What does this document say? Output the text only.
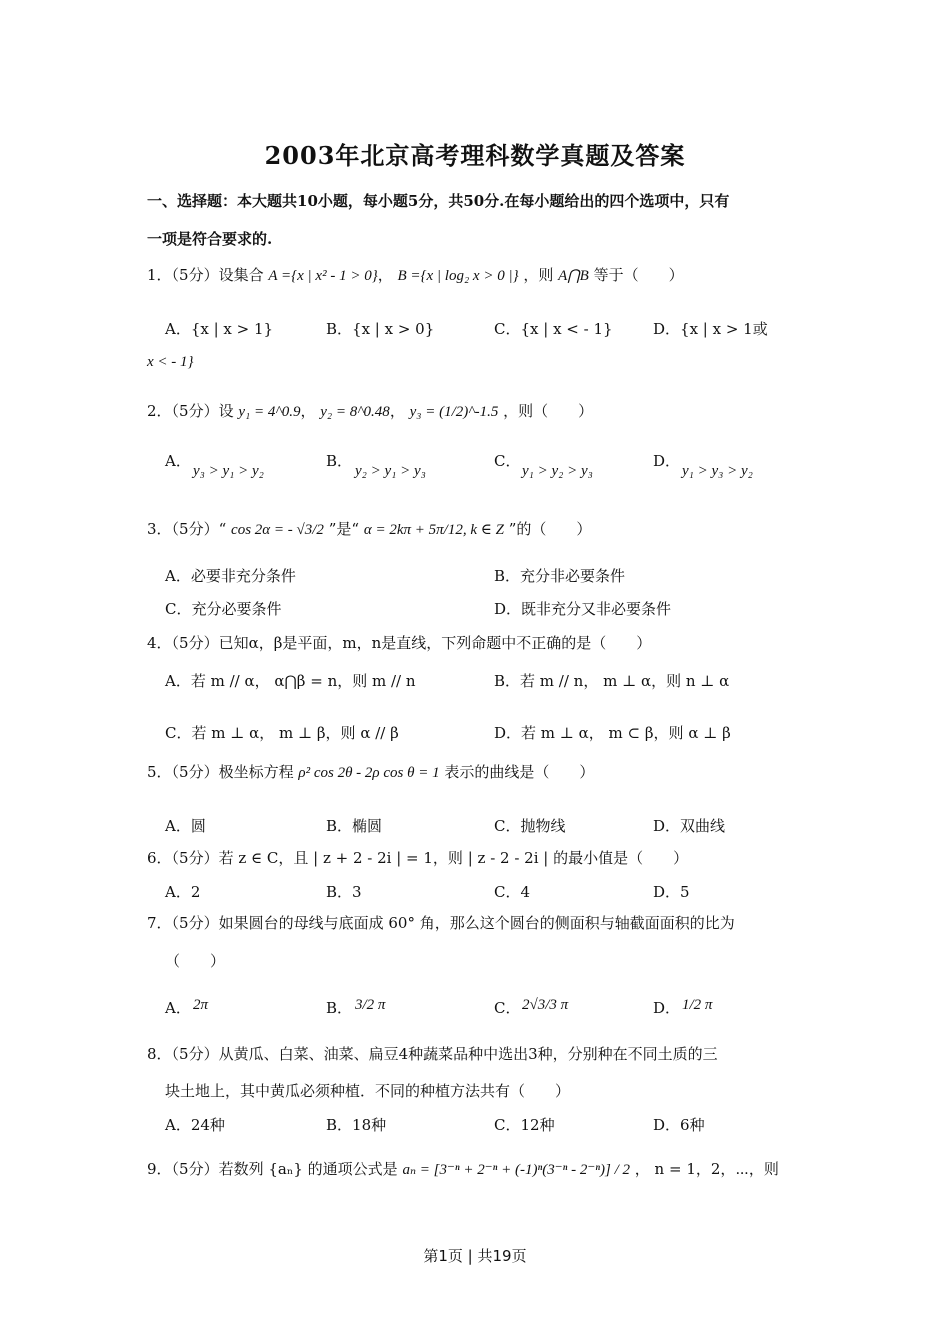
2003年北京高考理科数学真题及答案
一、选择题：本大题共10小题，每小题5分，共50分.在每小题给出的四个选项中，只有
一项是符合要求的.
1．（5分）设集合 A ={x | x² - 1 > 0}， B ={x | log₂ x > 0 |} ，则 A⋂B 等于（　　）
A．{x | x > 1}	B．{x | x > 0}	C．{x | x < - 1}	D．{x | x > 1或
x < - 1}
2．（5分）设 y₁ = 4^0.9， y₂ = 8^0.48， y₃ = (1/2)^-1.5 ，则（　　）
A．
y₃ > y₁ > y₂
B．
y₂ > y₁ > y₃
C．
y₁ > y₂ > y₃
D．
y₁ > y₃ > y₂
3．（5分）“ cos 2α = - √3/2 ”是“ α = 2kπ + 5π/12, k ∈ Z ”的（　　）
A．必要非充分条件	B．充分非必要条件
C．充分必要条件	D．既非充分又非必要条件
4．（5分）已知α，β是平面，m，n是直线，下列命题中不正确的是（　　）
A．若 m // α， α⋂β = n，则 m // n	B．若 m // n， m ⊥ α，则 n ⊥ α
C．若 m ⊥ α， m ⊥ β，则 α // β	D．若 m ⊥ α， m ⊂ β，则 α ⊥ β
5．（5分）极坐标方程 ρ² cos 2θ - 2ρ cos θ = 1 表示的曲线是（　　）
A．圆	B．椭圆	C．抛物线	D．双曲线
6．（5分）若 z ∈ C，且 | z + 2 - 2i | = 1，则 | z - 2 - 2i | 的最小值是（　　）
A．2	B．3	C．4	D．5
7．（5分）如果圆台的母线与底面成 60° 角，那么这个圆台的侧面积与轴截面面积的比为
（　　）
A． 2π	B． 3/2 π	C． 2√3/3 π	D． 1/2 π
8．（5分）从黄瓜、白菜、油菜、扁豆4种蔬菜品种中选出3种，分别种在不同土质的三
块土地上，其中黄瓜必须种植．不同的种植方法共有（　　）
A．24种	B．18种	C．12种	D．6种
9．（5分）若数列 {aₙ} 的通项公式是 aₙ = [3⁻ⁿ + 2⁻ⁿ + (-1)ⁿ(3⁻ⁿ - 2⁻ⁿ)] / 2 ， n = 1，2，⋯，则
第1页 | 共19页
